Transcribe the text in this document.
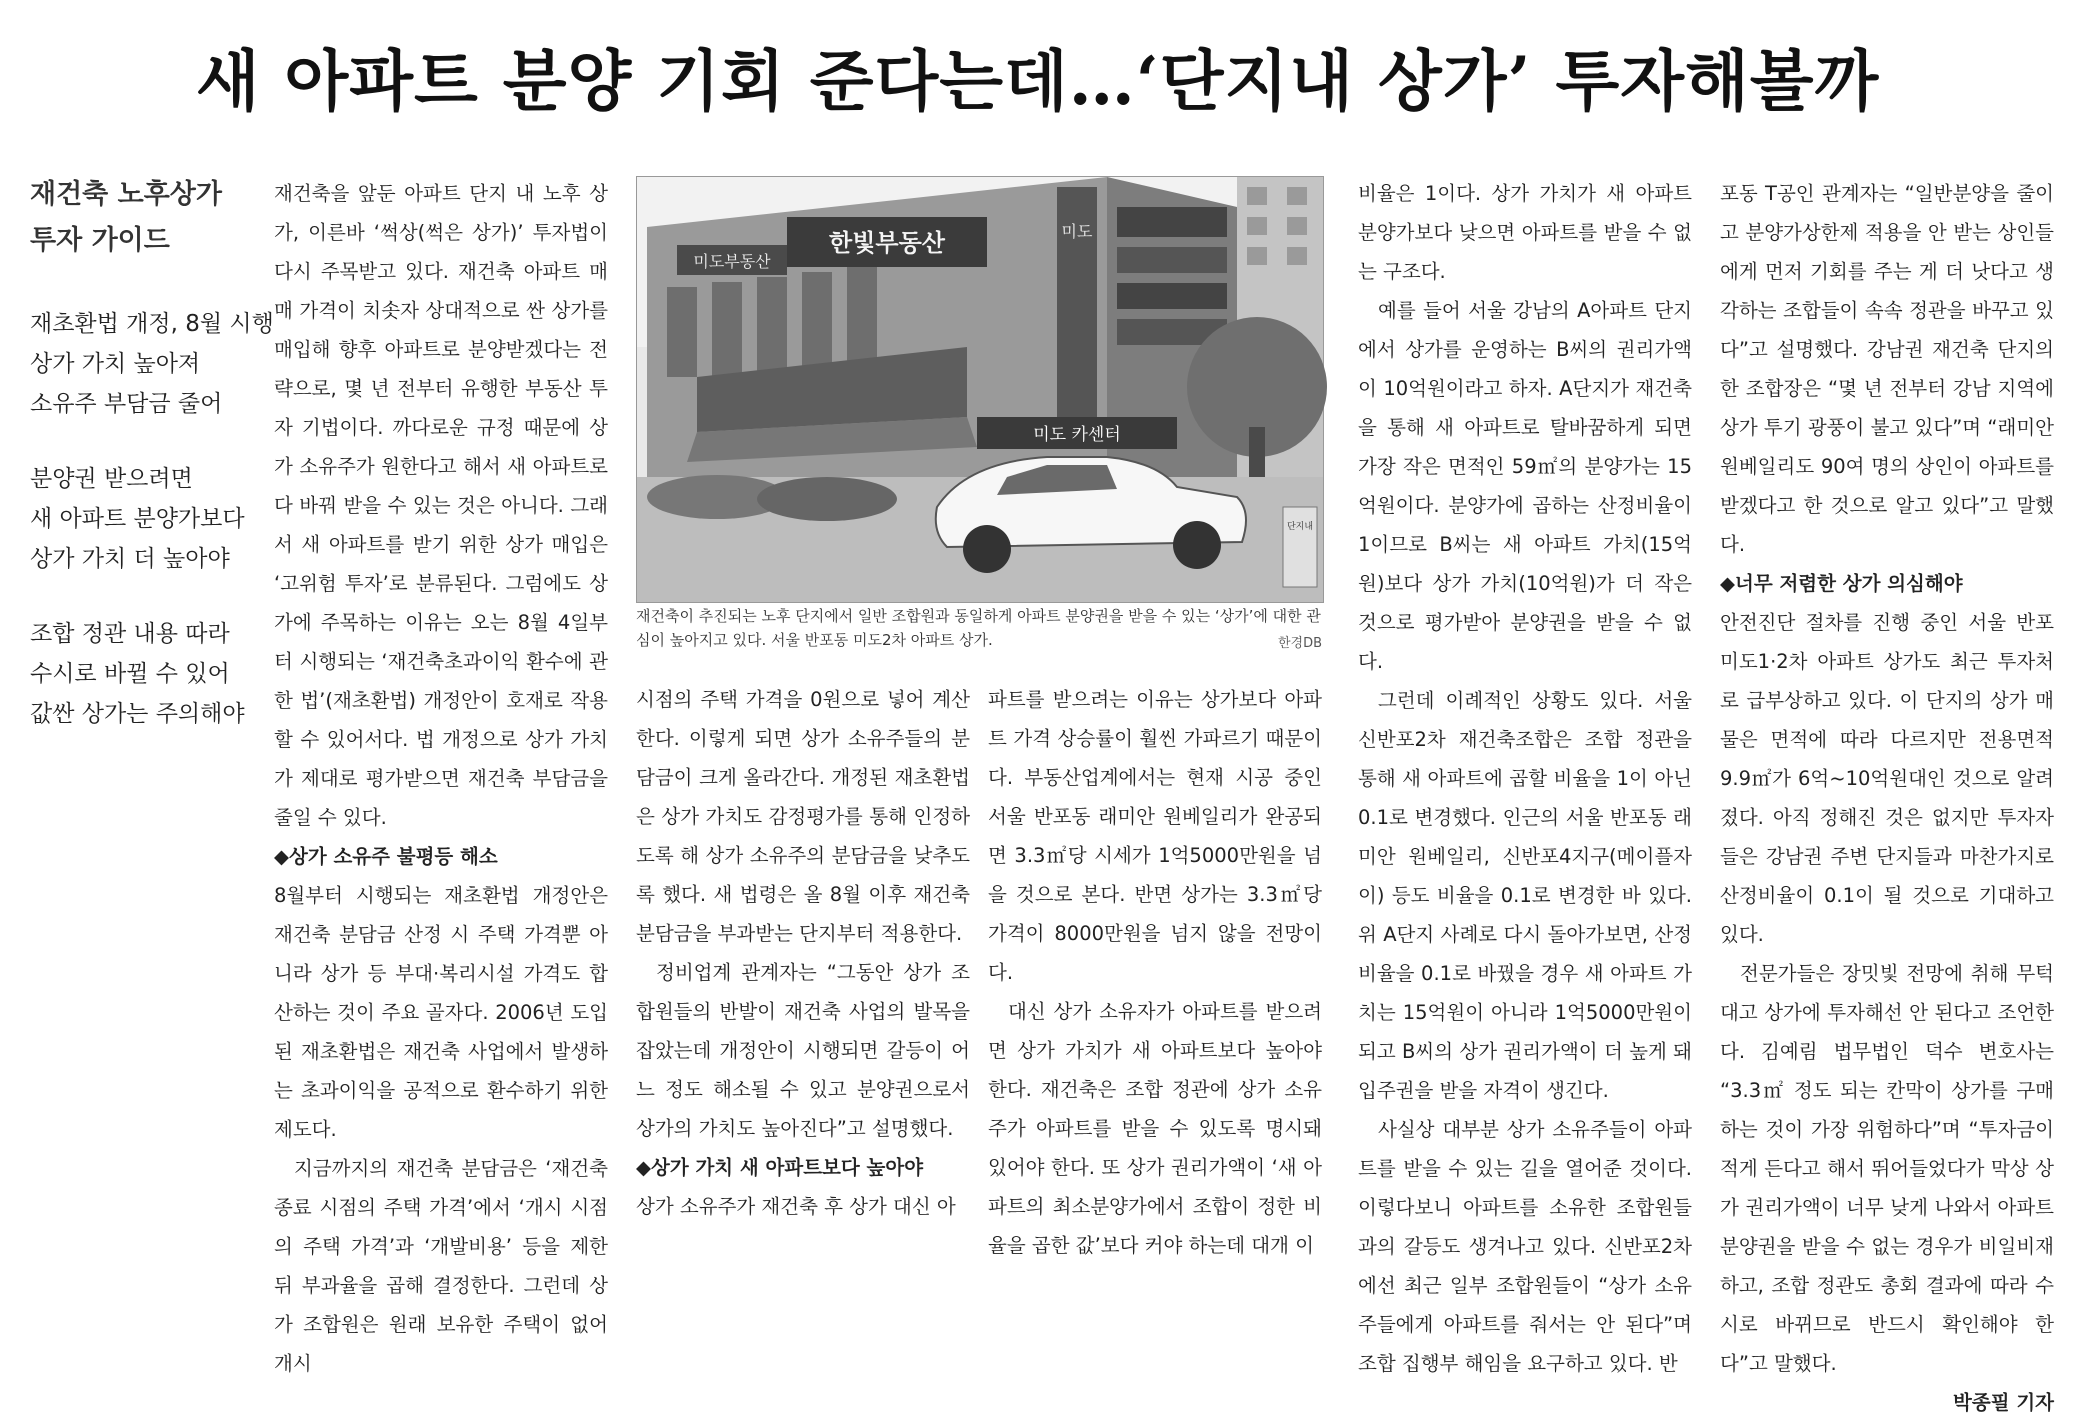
새 아파트 분양 기회 준다는데…‘단지내 상가’ 투자해볼까
재건축 노후상가
투자 가이드
재초환법 개정, 8월 시행
상가 가치 높아져
소유주 부담금 줄어
분양권 받으려면
새 아파트 분양가보다
상가 가치 더 높아야
조합 정관 내용 따라
수시로 바뀔 수 있어
값싼 상가는 주의해야

재건축을 앞둔 아파트 단지 내 노후 상가, 이른바 ‘썩상(썩은 상가)’ 투자법이 다시 주목받고 있다. 재건축 아파트 매매 가격이 치솟자 상대적으로 싼 상가를 매입해 향후 아파트로 분양받겠다는 전략으로, 몇 년 전부터 유행한 부동산 투자 기법이다. 까다로운 규정 때문에 상가 소유주가 원한다고 해서 새 아파트로 다 바꿔 받을 수 있는 것은 아니다. 그래서 새 아파트를 받기 위한 상가 매입은 ‘고위험 투자’로 분류된다. 그럼에도 상가에 주목하는 이유는 오는 8월 4일부터 시행되는 ‘재건축초과이익 환수에 관한 법’(재초환법) 개정안이 호재로 작용할 수 있어서다. 법 개정으로 상가 가치가 제대로 평가받으면 재건축 부담금을 줄일 수 있다.

◆상가 소유주 불평등 해소

8월부터 시행되는 재초환법 개정안은 재건축 분담금 산정 시 주택 가격뿐 아니라 상가 등 부대·복리시설 가격도 합산하는 것이 주요 골자다. 2006년 도입된 재초환법은 재건축 사업에서 발생하는 초과이익을 공적으로 환수하기 위한 제도다.

지금까지의 재건축 분담금은 ‘재건축 종료 시점의 주택 가격’에서 ‘개시 시점의 주택 가격’과 ‘개발비용’ 등을 제한 뒤 부과율을 곱해 결정한다. 그런데 상가 조합원은 원래 보유한 주택이 없어 개시

한빛부동산
미도부동산
미도
미도 카센터
단지내
재건축이 추진되는 노후 단지에서 일반 조합원과 동일하게 아파트 분양권을 받을 수 있는 ‘상가’에 대한 관심이 높아지고 있다. 서울 반포동 미도2차 아파트 상가.	한경DB

시점의 주택 가격을 0원으로 넣어 계산한다. 이렇게 되면 상가 소유주들의 분담금이 크게 올라간다. 개정된 재초환법은 상가 가치도 감정평가를 통해 인정하도록 해 상가 소유주의 분담금을 낮추도록 했다. 새 법령은 올 8월 이후 재건축 분담금을 부과받는 단지부터 적용한다.

정비업계 관계자는 “그동안 상가 조합원들의 반발이 재건축 사업의 발목을 잡았는데 개정안이 시행되면 갈등이 어느 정도 해소될 수 있고 분양권으로서 상가의 가치도 높아진다”고 설명했다.

◆상가 가치 새 아파트보다 높아야

상가 소유주가 재건축 후 상가 대신 아

파트를 받으려는 이유는 상가보다 아파트 가격 상승률이 훨씬 가파르기 때문이다. 부동산업계에서는 현재 시공 중인 서울 반포동 래미안 원베일리가 완공되면 3.3㎡당 시세가 1억5000만원을 넘을 것으로 본다. 반면 상가는 3.3㎡당 가격이 8000만원을 넘지 않을 전망이다.

대신 상가 소유자가 아파트를 받으려면 상가 가치가 새 아파트보다 높아야 한다. 재건축은 조합 정관에 상가 소유주가 아파트를 받을 수 있도록 명시돼 있어야 한다. 또 상가 권리가액이 ‘새 아파트의 최소분양가에서 조합이 정한 비율을 곱한 값’보다 커야 하는데 대개 이

비율은 1이다. 상가 가치가 새 아파트 분양가보다 낮으면 아파트를 받을 수 없는 구조다.

예를 들어 서울 강남의 A아파트 단지에서 상가를 운영하는 B씨의 권리가액이 10억원이라고 하자. A단지가 재건축을 통해 새 아파트로 탈바꿈하게 되면 가장 작은 면적인 59㎡의 분양가는 15억원이다. 분양가에 곱하는 산정비율이 1이므로 B씨는 새 아파트 가치(15억원)보다 상가 가치(10억원)가 더 작은 것으로 평가받아 분양권을 받을 수 없다.

그런데 이례적인 상황도 있다. 서울 신반포2차 재건축조합은 조합 정관을 통해 새 아파트에 곱할 비율을 1이 아닌 0.1로 변경했다. 인근의 서울 반포동 래미안 원베일리, 신반포4지구(메이플자이) 등도 비율을 0.1로 변경한 바 있다. 위 A단지 사례로 다시 돌아가보면, 산정비율을 0.1로 바꿨을 경우 새 아파트 가치는 15억원이 아니라 1억5000만원이 되고 B씨의 상가 권리가액이 더 높게 돼 입주권을 받을 자격이 생긴다.

사실상 대부분 상가 소유주들이 아파트를 받을 수 있는 길을 열어준 것이다. 이렇다보니 아파트를 소유한 조합원들과의 갈등도 생겨나고 있다. 신반포2차에선 최근 일부 조합원들이 “상가 소유주들에게 아파트를 줘서는 안 된다”며 조합 집행부 해임을 요구하고 있다. 반

포동 T공인 관계자는 “일반분양을 줄이고 분양가상한제 적용을 안 받는 상인들에게 먼저 기회를 주는 게 더 낫다고 생각하는 조합들이 속속 정관을 바꾸고 있다”고 설명했다. 강남권 재건축 단지의 한 조합장은 “몇 년 전부터 강남 지역에 상가 투기 광풍이 불고 있다”며 “래미안 원베일리도 90여 명의 상인이 아파트를 받겠다고 한 것으로 알고 있다”고 말했다.

◆너무 저렴한 상가 의심해야

안전진단 절차를 진행 중인 서울 반포 미도1·2차 아파트 상가도 최근 투자처로 급부상하고 있다. 이 단지의 상가 매물은 면적에 따라 다르지만 전용면적 9.9㎡가 6억~10억원대인 것으로 알려졌다. 아직 정해진 것은 없지만 투자자들은 강남권 주변 단지들과 마찬가지로 산정비율이 0.1이 될 것으로 기대하고 있다.

전문가들은 장밋빛 전망에 취해 무턱대고 상가에 투자해선 안 된다고 조언한다. 김예림 법무법인 덕수 변호사는 “3.3㎡ 정도 되는 칸막이 상가를 구매하는 것이 가장 위험하다”며 “투자금이 적게 든다고 해서 뛰어들었다가 막상 상가 권리가액이 너무 낮게 나와서 아파트 분양권을 받을 수 없는 경우가 비일비재하고, 조합 정관도 총회 결과에 따라 수시로 바뀌므로 반드시 확인해야 한다”고 말했다.

박종필 기자
